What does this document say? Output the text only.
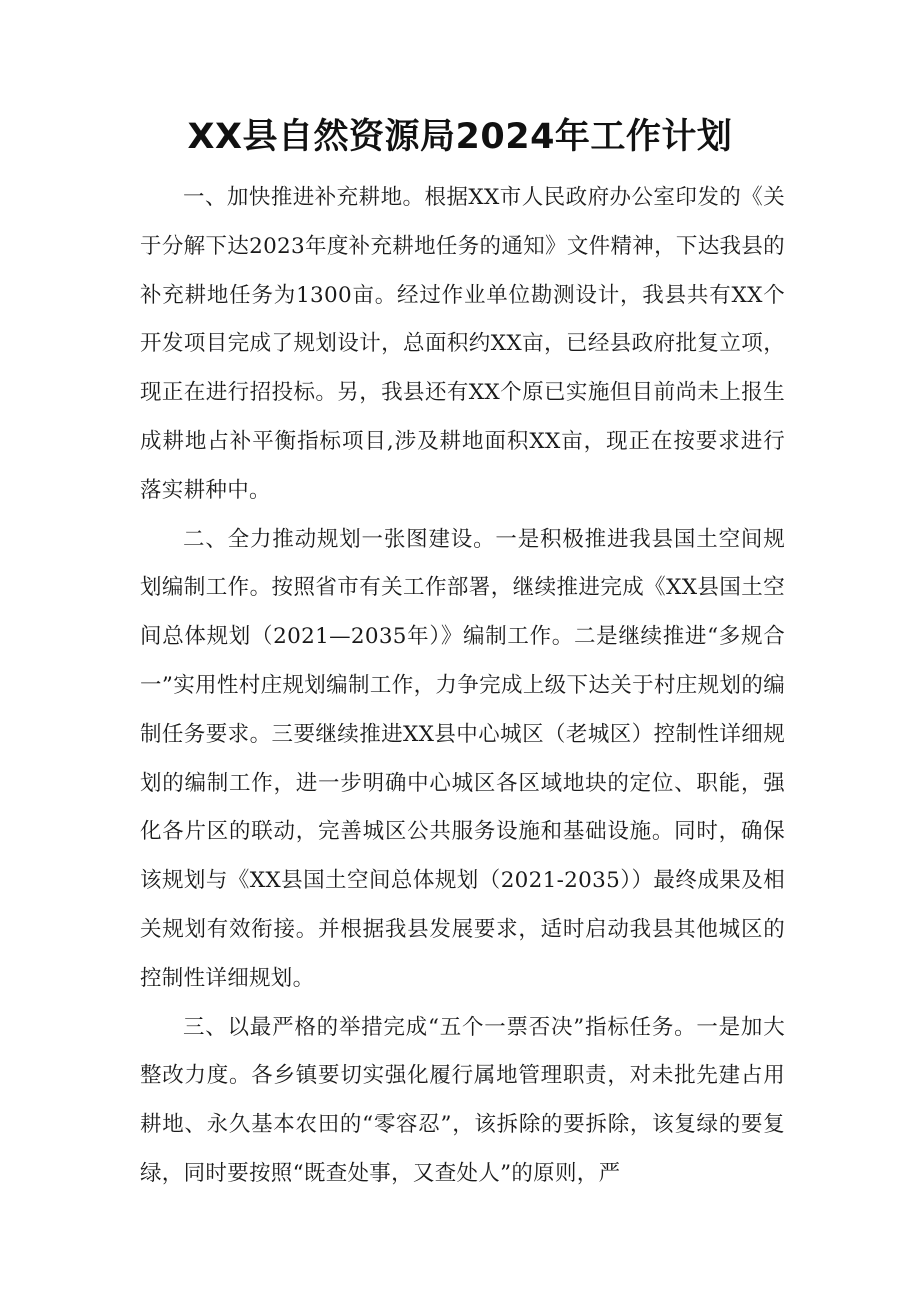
XX县自然资源局2024年工作计划

一、加快推进补充耕地。根据XX市人民政府办公室印发的《关于分解下达2023年度补充耕地任务的通知》文件精神，下达我县的补充耕地任务为1300亩。经过作业单位勘测设计，我县共有XX个开发项目完成了规划设计，总面积约XX亩，已经县政府批复立项，现正在进行招投标。另，我县还有XX个原已实施但目前尚未上报生成耕地占补平衡指标项目,涉及耕地面积XX亩，现正在按要求进行落实耕种中。

二、全力推动规划一张图建设。一是积极推进我县国土空间规划编制工作。按照省市有关工作部署，继续推进完成《XX县国土空间总体规划（2021—2035年）》编制工作。二是继续推进“多规合一”实用性村庄规划编制工作，力争完成上级下达关于村庄规划的编制任务要求。三要继续推进XX县中心城区（老城区）控制性详细规划的编制工作，进一步明确中心城区各区域地块的定位、职能，强化各片区的联动，完善城区公共服务设施和基础设施。同时，确保该规划与《XX县国土空间总体规划（2021-2035））最终成果及相关规划有效衔接。并根据我县发展要求，适时启动我县其他城区的控制性详细规划。

三、以最严格的举措完成“五个一票否决”指标任务。一是加大整改力度。各乡镇要切实强化履行属地管理职责，对未批先建占用耕地、永久基本农田的“零容忍”，该拆除的要拆除，该复绿的要复绿，同时要按照“既查处事，又查处人”的原则，严
